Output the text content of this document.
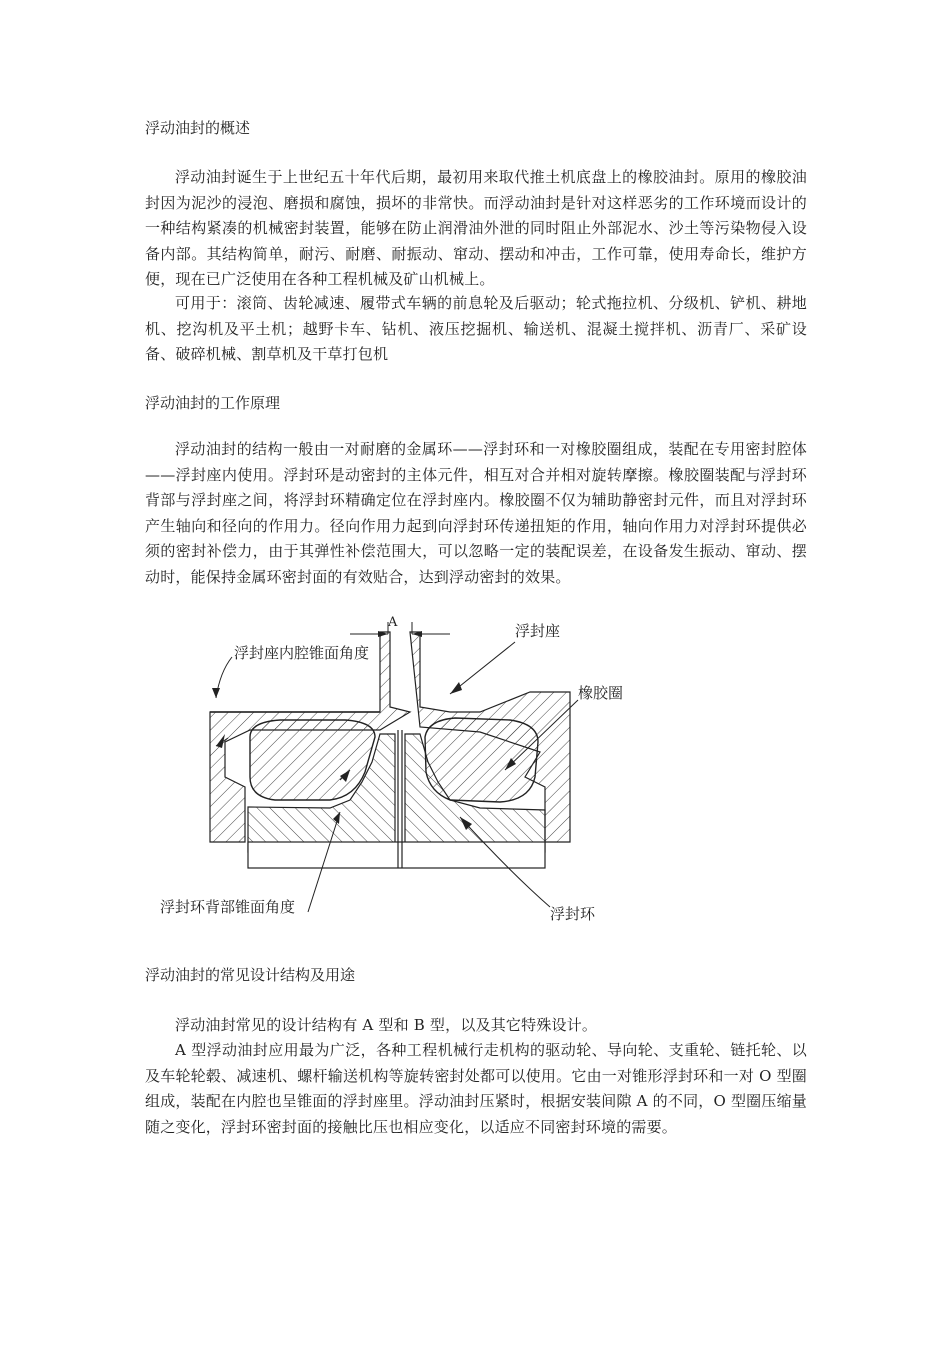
浮动油封的概述

浮动油封诞生于上世纪五十年代后期，最初用来取代推土机底盘上的橡胶油封。原用的橡胶油封因为泥沙的浸泡、磨损和腐蚀，损坏的非常快。而浮动油封是针对这样恶劣的工作环境而设计的一种结构紧凑的机械密封装置，能够在防止润滑油外泄的同时阻止外部泥水、沙土等污染物侵入设备内部。其结构简单，耐污、耐磨、耐振动、窜动、摆动和冲击，工作可靠，使用寿命长，维护方便，现在已广泛使用在各种工程机械及矿山机械上。

可用于：滚筒、齿轮减速、履带式车辆的前息轮及后驱动；轮式拖拉机、分级机、铲机、耕地机、挖沟机及平土机；越野卡车、钻机、液压挖掘机、输送机、混凝土搅拌机、沥青厂、采矿设备、破碎机械、割草机及干草打包机

浮动油封的工作原理

浮动油封的结构一般由一对耐磨的金属环——浮封环和一对橡胶圈组成，装配在专用密封腔体——浮封座内使用。浮封环是动密封的主体元件，相互对合并相对旋转摩擦。橡胶圈装配与浮封环背部与浮封座之间，将浮封环精确定位在浮封座内。橡胶圈不仅为辅助静密封元件，而且对浮封环产生轴向和径向的作用力。径向作用力起到向浮封环传递扭矩的作用，轴向作用力对浮封环提供必须的密封补偿力，由于其弹性补偿范围大，可以忽略一定的装配误差，在设备发生振动、窜动、摆动时，能保持金属环密封面的有效贴合，达到浮动密封的效果。

A
浮封座内腔锥面角度
浮封座
橡胶圈
浮封环背部锥面角度	浮封环
浮动油封的常见设计结构及用途

浮动油封常见的设计结构有 A 型和 B 型，以及其它特殊设计。

A 型浮动油封应用最为广泛，各种工程机械行走机构的驱动轮、导向轮、支重轮、链托轮、以及车轮轮毂、减速机、螺杆输送机构等旋转密封处都可以使用。它由一对锥形浮封环和一对 O 型圈组成，装配在内腔也呈锥面的浮封座里。浮动油封压紧时，根据安装间隙 A 的不同，O 型圈压缩量随之变化，浮封环密封面的接触比压也相应变化，以适应不同密封环境的需要。
